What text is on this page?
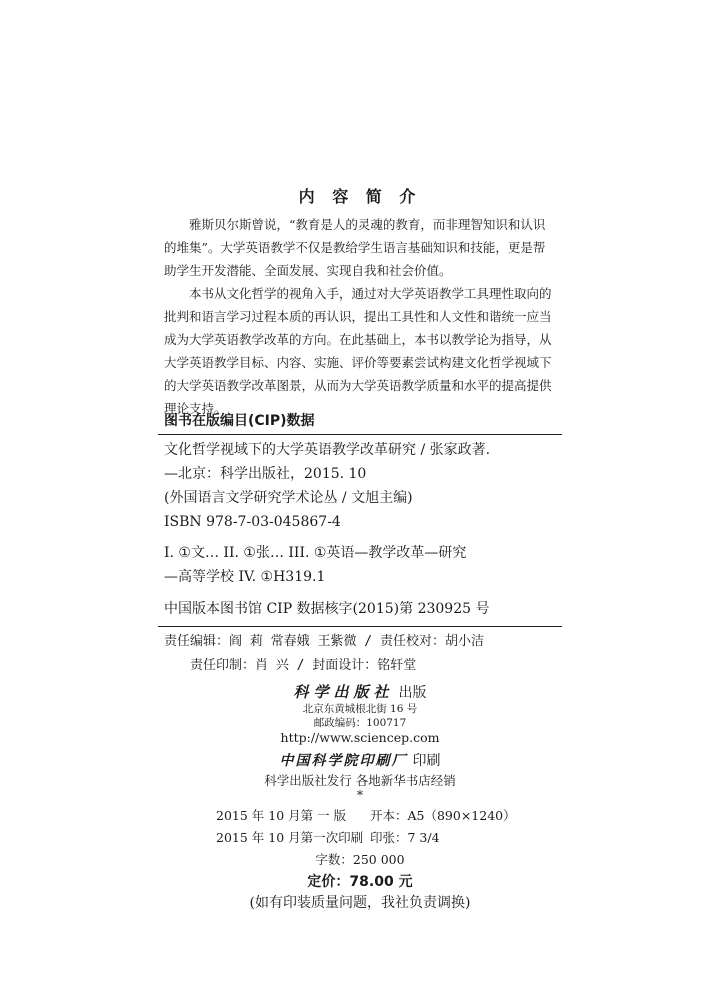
内 容 简 介

雅斯贝尔斯曾说，“教育是人的灵魂的教育，而非理智知识和认识

的堆集”。大学英语教学不仅是教给学生语言基础知识和技能，更是帮
助学生开发潜能、全面发展、实现自我和社会价值。

本书从文化哲学的视角入手，通过对大学英语教学工具理性取向的

批判和语言学习过程本质的再认识，提出工具性和人文性和谐统一应当
成为大学英语教学改革的方向。在此基础上，本书以教学论为指导，从
大学英语教学目标、内容、实施、评价等要素尝试构建文化哲学视域下
的大学英语教学改革图景，从而为大学英语教学质量和水平的提高提供
理论支持。
图书在版编目(CIP)数据
文化哲学视域下的大学英语教学改革研究 / 张家政著.
—北京：科学出版社，2015. 10
(外国语言文学研究学术论丛 / 文旭主编)
ISBN 978-7-03-045867-4
I. ①文… II. ①张… III. ①英语—教学改革—研究
—高等学校 IV. ①H319.1
中国版本图书馆 CIP 数据核字(2015)第 230925 号
责任编辑：阎 莉 常春娥 王紫微 / 责任校对：胡小洁
责任印制：肖 兴 / 封面设计：铭轩堂
科学出版社 出版
北京东黄城根北街 16 号
邮政编码：100717
http://www.sciencep.com
中国科学院印刷厂 印刷
科学出版社发行 各地新华书店经销
*
2015 年 10 月第 一 版 开本：A5（890×1240）
2015 年 10 月第一次印刷 印张：7 3/4
字数：250 000
定价：78.00 元
(如有印装质量问题，我社负责调换)
